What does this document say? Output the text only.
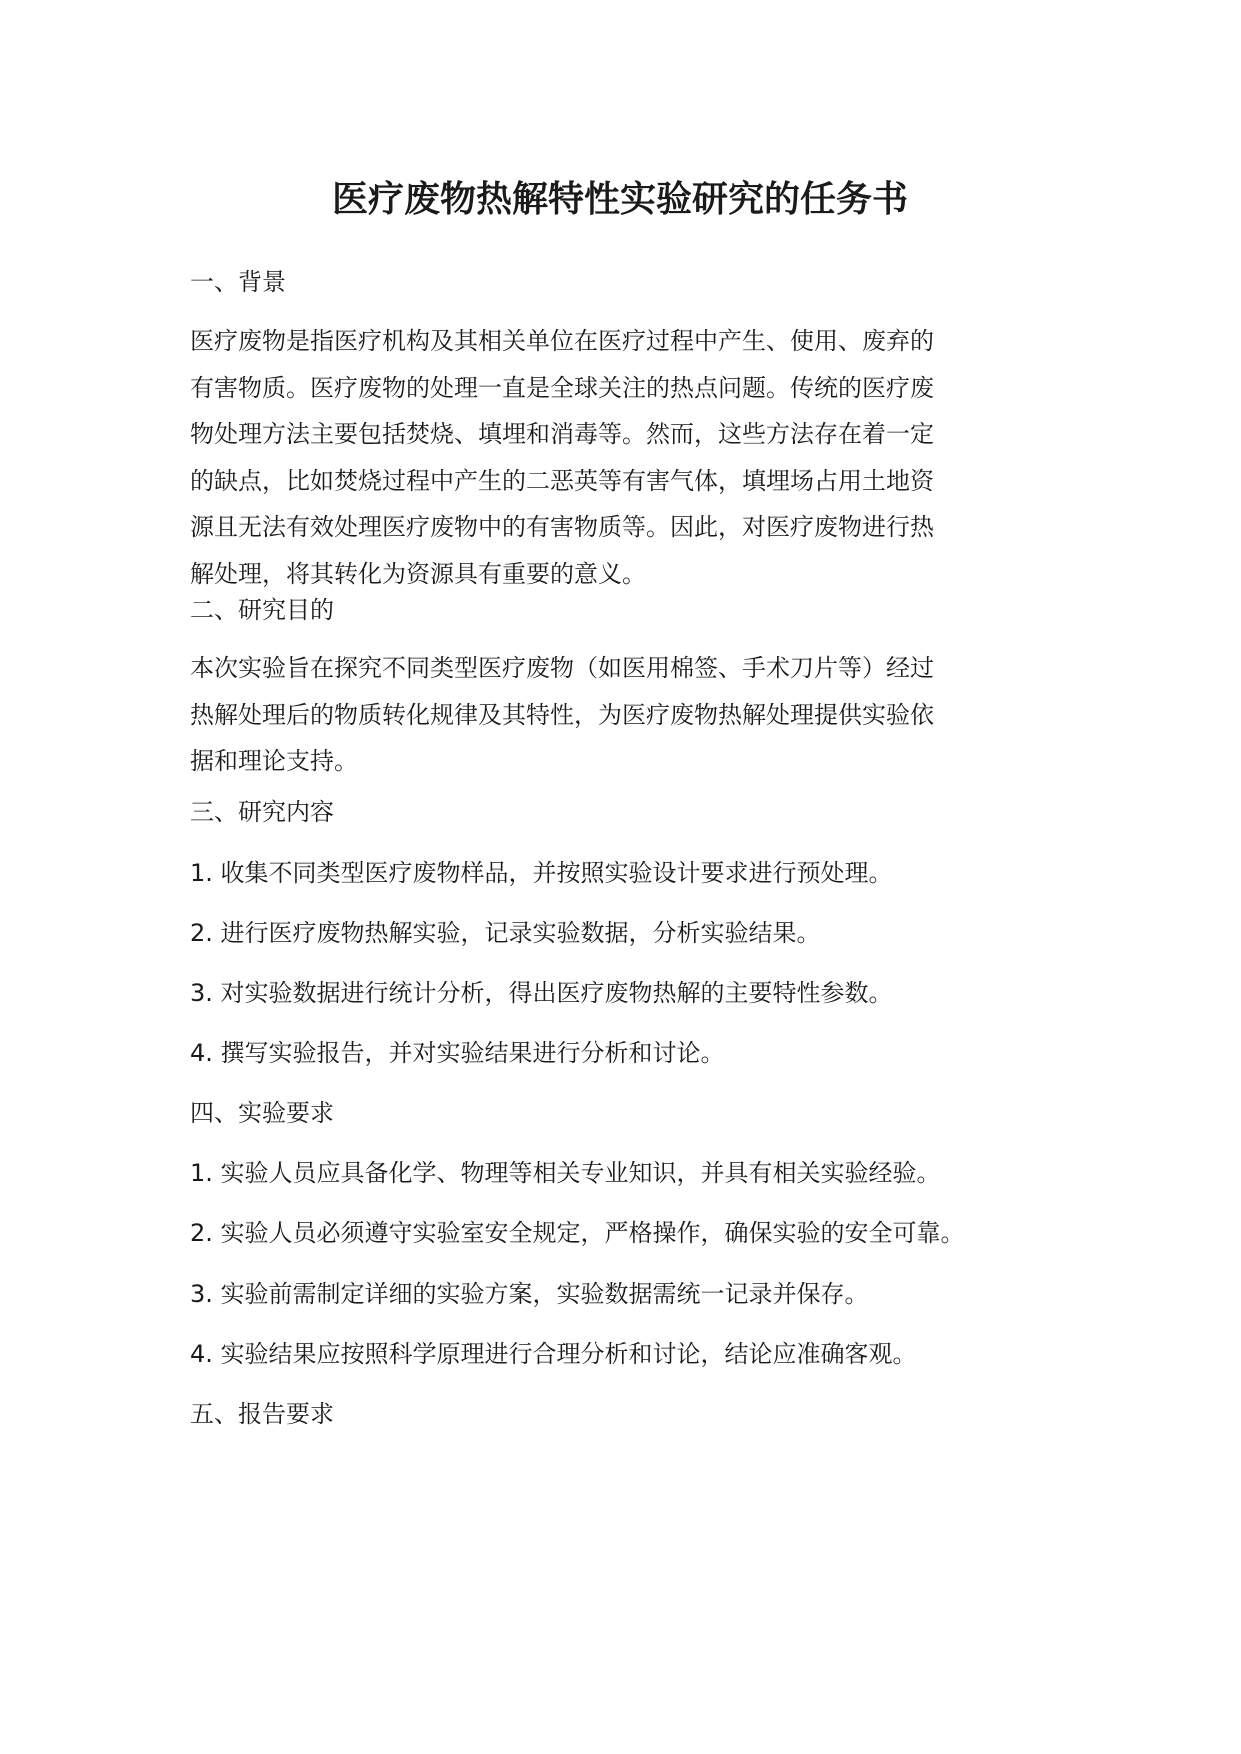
医疗废物热解特性实验研究的任务书
一、背景
医疗废物是指医疗机构及其相关单位在医疗过程中产生、使用、废弃的
有害物质。医疗废物的处理一直是全球关注的热点问题。传统的医疗废
物处理方法主要包括焚烧、填埋和消毒等。然而，这些方法存在着一定
的缺点，比如焚烧过程中产生的二恶英等有害气体，填埋场占用土地资
源且无法有效处理医疗废物中的有害物质等。因此，对医疗废物进行热
解处理，将其转化为资源具有重要的意义。
二、研究目的
本次实验旨在探究不同类型医疗废物（如医用棉签、手术刀片等）经过
热解处理后的物质转化规律及其特性，为医疗废物热解处理提供实验依
据和理论支持。
三、研究内容
1. 收集不同类型医疗废物样品，并按照实验设计要求进行预处理。
2. 进行医疗废物热解实验，记录实验数据，分析实验结果。
3. 对实验数据进行统计分析，得出医疗废物热解的主要特性参数。
4. 撰写实验报告，并对实验结果进行分析和讨论。
四、实验要求
1. 实验人员应具备化学、物理等相关专业知识，并具有相关实验经验。
2. 实验人员必须遵守实验室安全规定，严格操作，确保实验的安全可靠。
3. 实验前需制定详细的实验方案，实验数据需统一记录并保存。
4. 实验结果应按照科学原理进行合理分析和讨论，结论应准确客观。
五、报告要求
